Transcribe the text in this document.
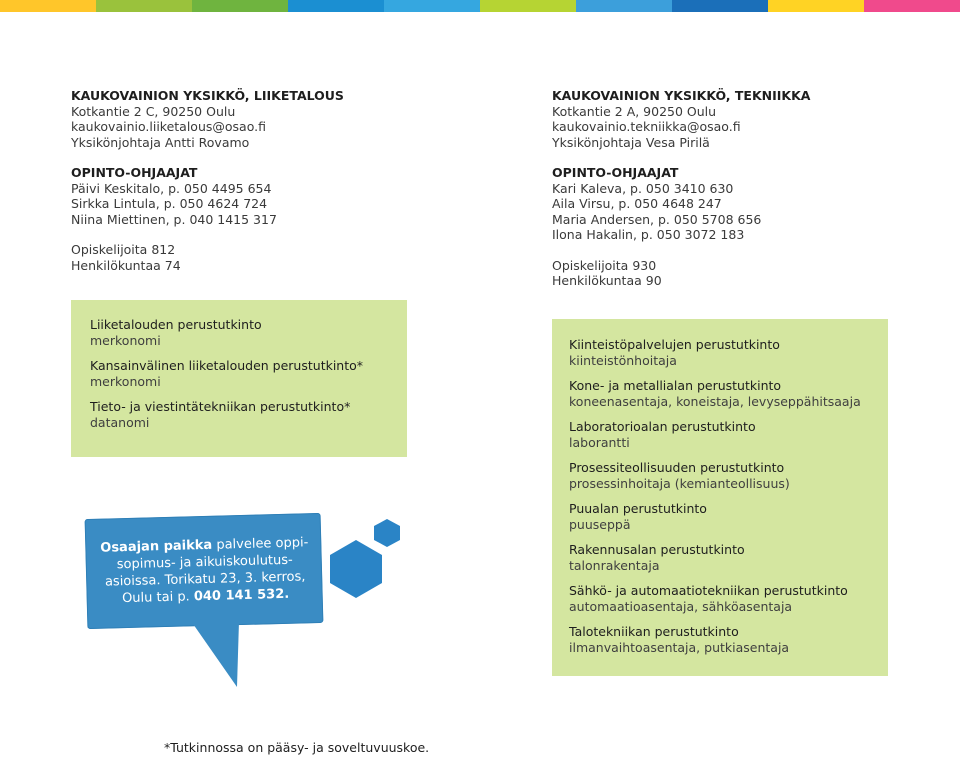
KAUKOVAINION YKSIKKÖ, LIIKETALOUS
Kotkantie 2 C, 90250 Oulu
kaukovainio.liiketalous@osao.fi
Yksikönjohtaja Antti Rovamo
OPINTO-OHJAAJAT
Päivi Keskitalo, p. 050 4495 654
Sirkka Lintula, p. 050 4624 724
Niina Miettinen, p. 040 1415 317
Opiskelijoita 812
Henkilökuntaa 74
KAUKOVAINION YKSIKKÖ, TEKNIIKKA
Kotkantie 2 A, 90250 Oulu
kaukovainio.tekniikka@osao.fi
Yksikönjohtaja Vesa Pirilä
OPINTO-OHJAAJAT
Kari Kaleva, p. 050 3410 630
Aila Virsu, p. 050 4648 247
Maria Andersen, p. 050 5708 656
Ilona Hakalin, p. 050 3072 183
Opiskelijoita 930
Henkilökuntaa 90
Liiketalouden perustutkinto
merkonomi
Kansainvälinen liiketalouden perustutkinto*
merkonomi
Tieto- ja viestintätekniikan perustutkinto*
datanomi
Kiinteistöpalvelujen perustutkinto
kiinteistönhoitaja
Kone- ja metallialan perustutkinto
koneenasentaja, koneistaja, levyseppähitsaaja
Laboratorioalan perustutkinto
laborantti
Prosessiteollisuuden perustutkinto
prosessinhoitaja (kemianteollisuus)
Puualan perustutkinto
puuseppä
Rakennusalan perustutkinto
talonrakentaja
Sähkö- ja automaatiotekniikan perustutkinto
automaatioasentaja, sähköasentaja
Talotekniikan perustutkinto
ilmanvaihtoasentaja, putkiasentaja
Osaajan paikka palvelee oppi-
sopimus- ja aikuiskoulutus-
asioissa. Torikatu 23, 3. kerros,
Oulu tai p. 040 141 532.
*Tutkinnossa on pääsy- ja soveltuvuuskoe.
